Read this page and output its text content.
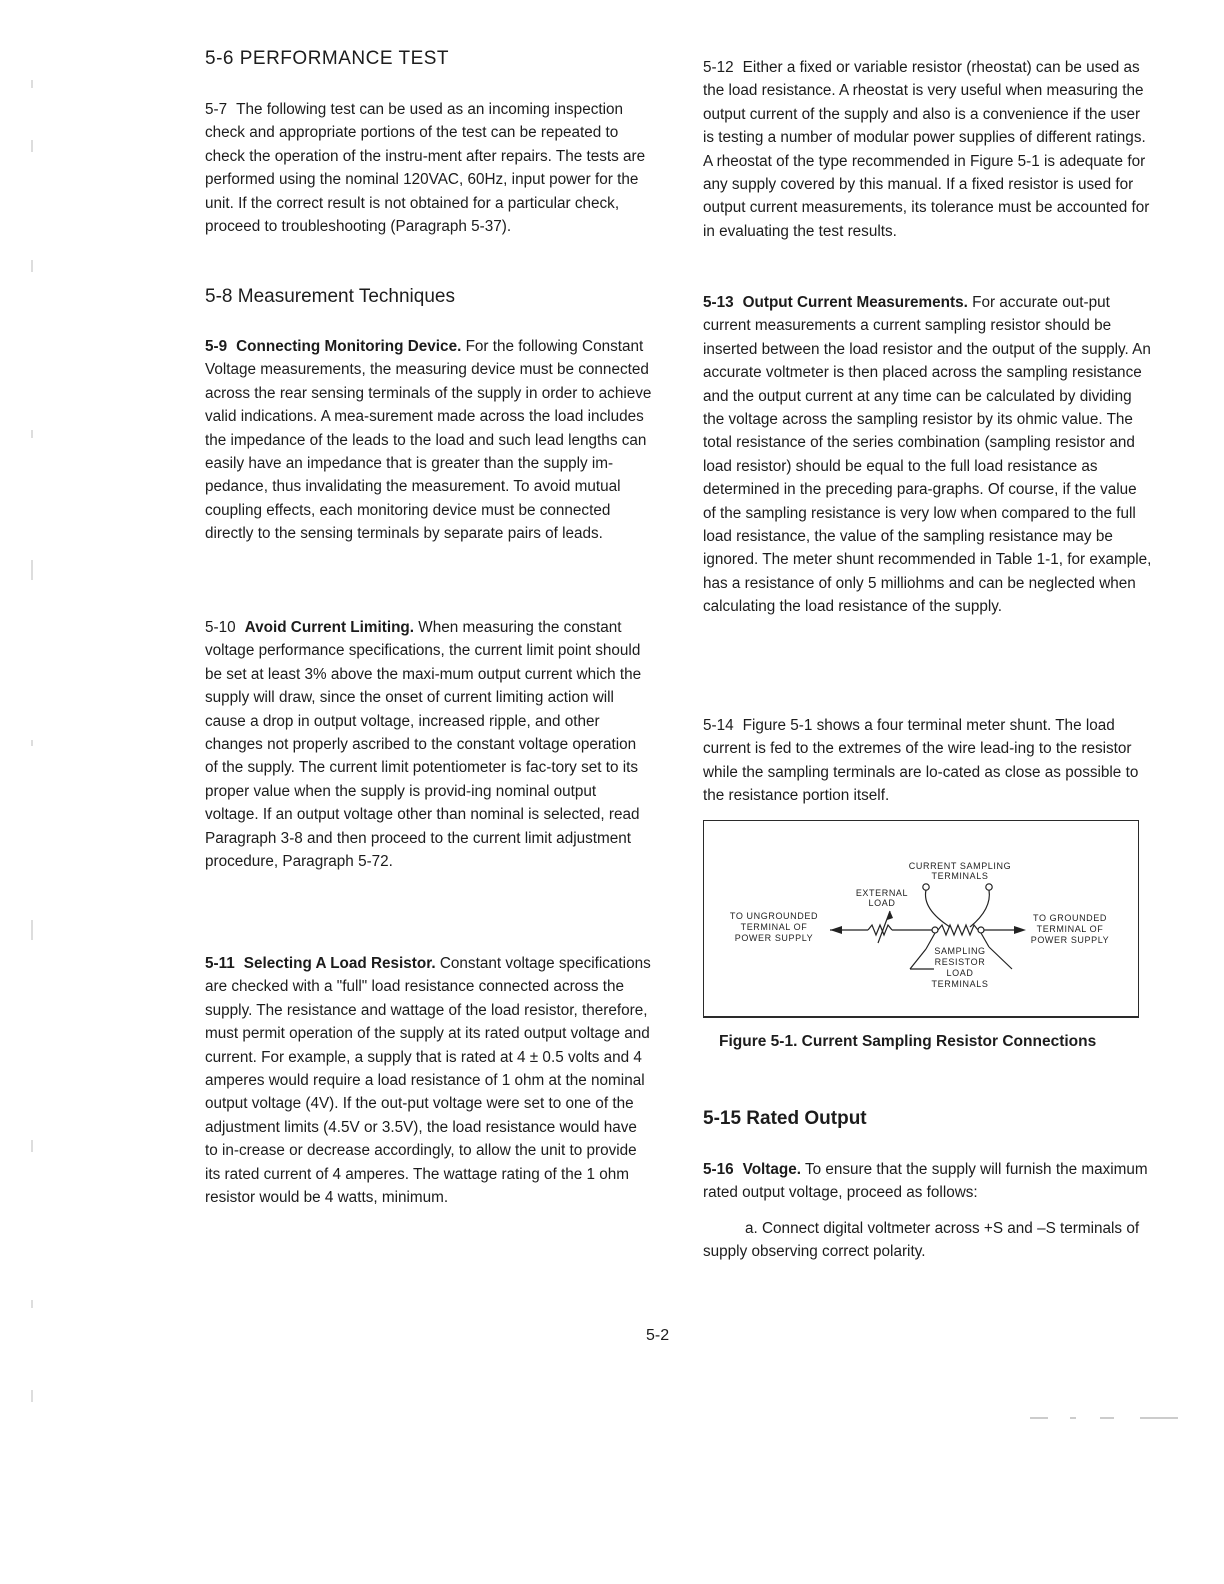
5-6 PERFORMANCE TEST

5-7 The following test can be used as an incoming inspection check and appropriate portions of the test can be repeated to check the operation of the instru-ment after repairs. The tests are performed using the nominal 120VAC, 60Hz, input power for the unit. If the correct result is not obtained for a particular check, proceed to troubleshooting (Paragraph 5-37).

5-8 Measurement Techniques

5-9 Connecting Monitoring Device. For the following Constant Voltage measurements, the measuring device must be connected across the rear sensing terminals of the supply in order to achieve valid indications. A mea-surement made across the load includes the impedance of the leads to the load and such lead lengths can easily have an impedance that is greater than the supply im-pedance, thus invalidating the measurement. To avoid mutual coupling effects, each monitoring device must be connected directly to the sensing terminals by separate pairs of leads.

5-10 Avoid Current Limiting. When measuring the constant voltage performance specifications, the current limit point should be set at least 3% above the maxi-mum output current which the supply will draw, since the onset of current limiting action will cause a drop in output voltage, increased ripple, and other changes not properly ascribed to the constant voltage operation of the supply. The current limit potentiometer is fac-tory set to its proper value when the supply is provid-ing nominal output voltage. If an output voltage other than nominal is selected, read Paragraph 3-8 and then proceed to the current limit adjustment procedure, Paragraph 5-72.

5-11 Selecting A Load Resistor. Constant voltage specifications are checked with a "full" load resistance connected across the supply. The resistance and wattage of the load resistor, therefore, must permit operation of the supply at its rated output voltage and current. For example, a supply that is rated at 4 ± 0.5 volts and 4 amperes would require a load resistance of 1 ohm at the nominal output voltage (4V). If the out-put voltage were set to one of the adjustment limits (4.5V or 3.5V), the load resistance would have to in-crease or decrease accordingly, to allow the unit to provide its rated current of 4 amperes. The wattage rating of the 1 ohm resistor would be 4 watts, minimum.

5-12 Either a fixed or variable resistor (rheostat) can be used as the load resistance. A rheostat is very useful when measuring the output current of the supply and also is a convenience if the user is testing a number of modular power supplies of different ratings. A rheostat of the type recommended in Figure 5-1 is adequate for any supply covered by this manual. If a fixed resistor is used for output current measurements, its tolerance must be accounted for in evaluating the test results.

5-13 Output Current Measurements. For accurate out-put current measurements a current sampling resistor should be inserted between the load resistor and the output of the supply. An accurate voltmeter is then placed across the sampling resistance and the output current at any time can be calculated by dividing the voltage across the sampling resistor by its ohmic value. The total resistance of the series combination (sampling resistor and load resistor) should be equal to the full load resistance as determined in the preceding para-graphs. Of course, if the value of the sampling resistance is very low when compared to the full load resistance, the value of the sampling resistance may be ignored. The meter shunt recommended in Table 1-1, for example, has a resistance of only 5 milliohms and can be neglected when calculating the load resistance of the supply.

5-14 Figure 5-1 shows a four terminal meter shunt. The load current is fed to the extremes of the wire lead-ing to the resistor while the sampling terminals are lo-cated as close as possible to the resistance portion itself.

CURRENT SAMPLING
TERMINALS
EXTERNAL
LOAD
TO UNGROUNDED
TERMINAL OF
POWER SUPPLY
TO GROUNDED
TERMINAL OF
POWER SUPPLY
SAMPLING
RESISTOR
LOAD
TERMINALS

Figure 5-1. Current Sampling Resistor Connections

5-15 Rated Output

5-16 Voltage. To ensure that the supply will furnish the maximum rated output voltage, proceed as follows:

a. Connect digital voltmeter across +S and –S terminals of supply observing correct polarity.

5-2
